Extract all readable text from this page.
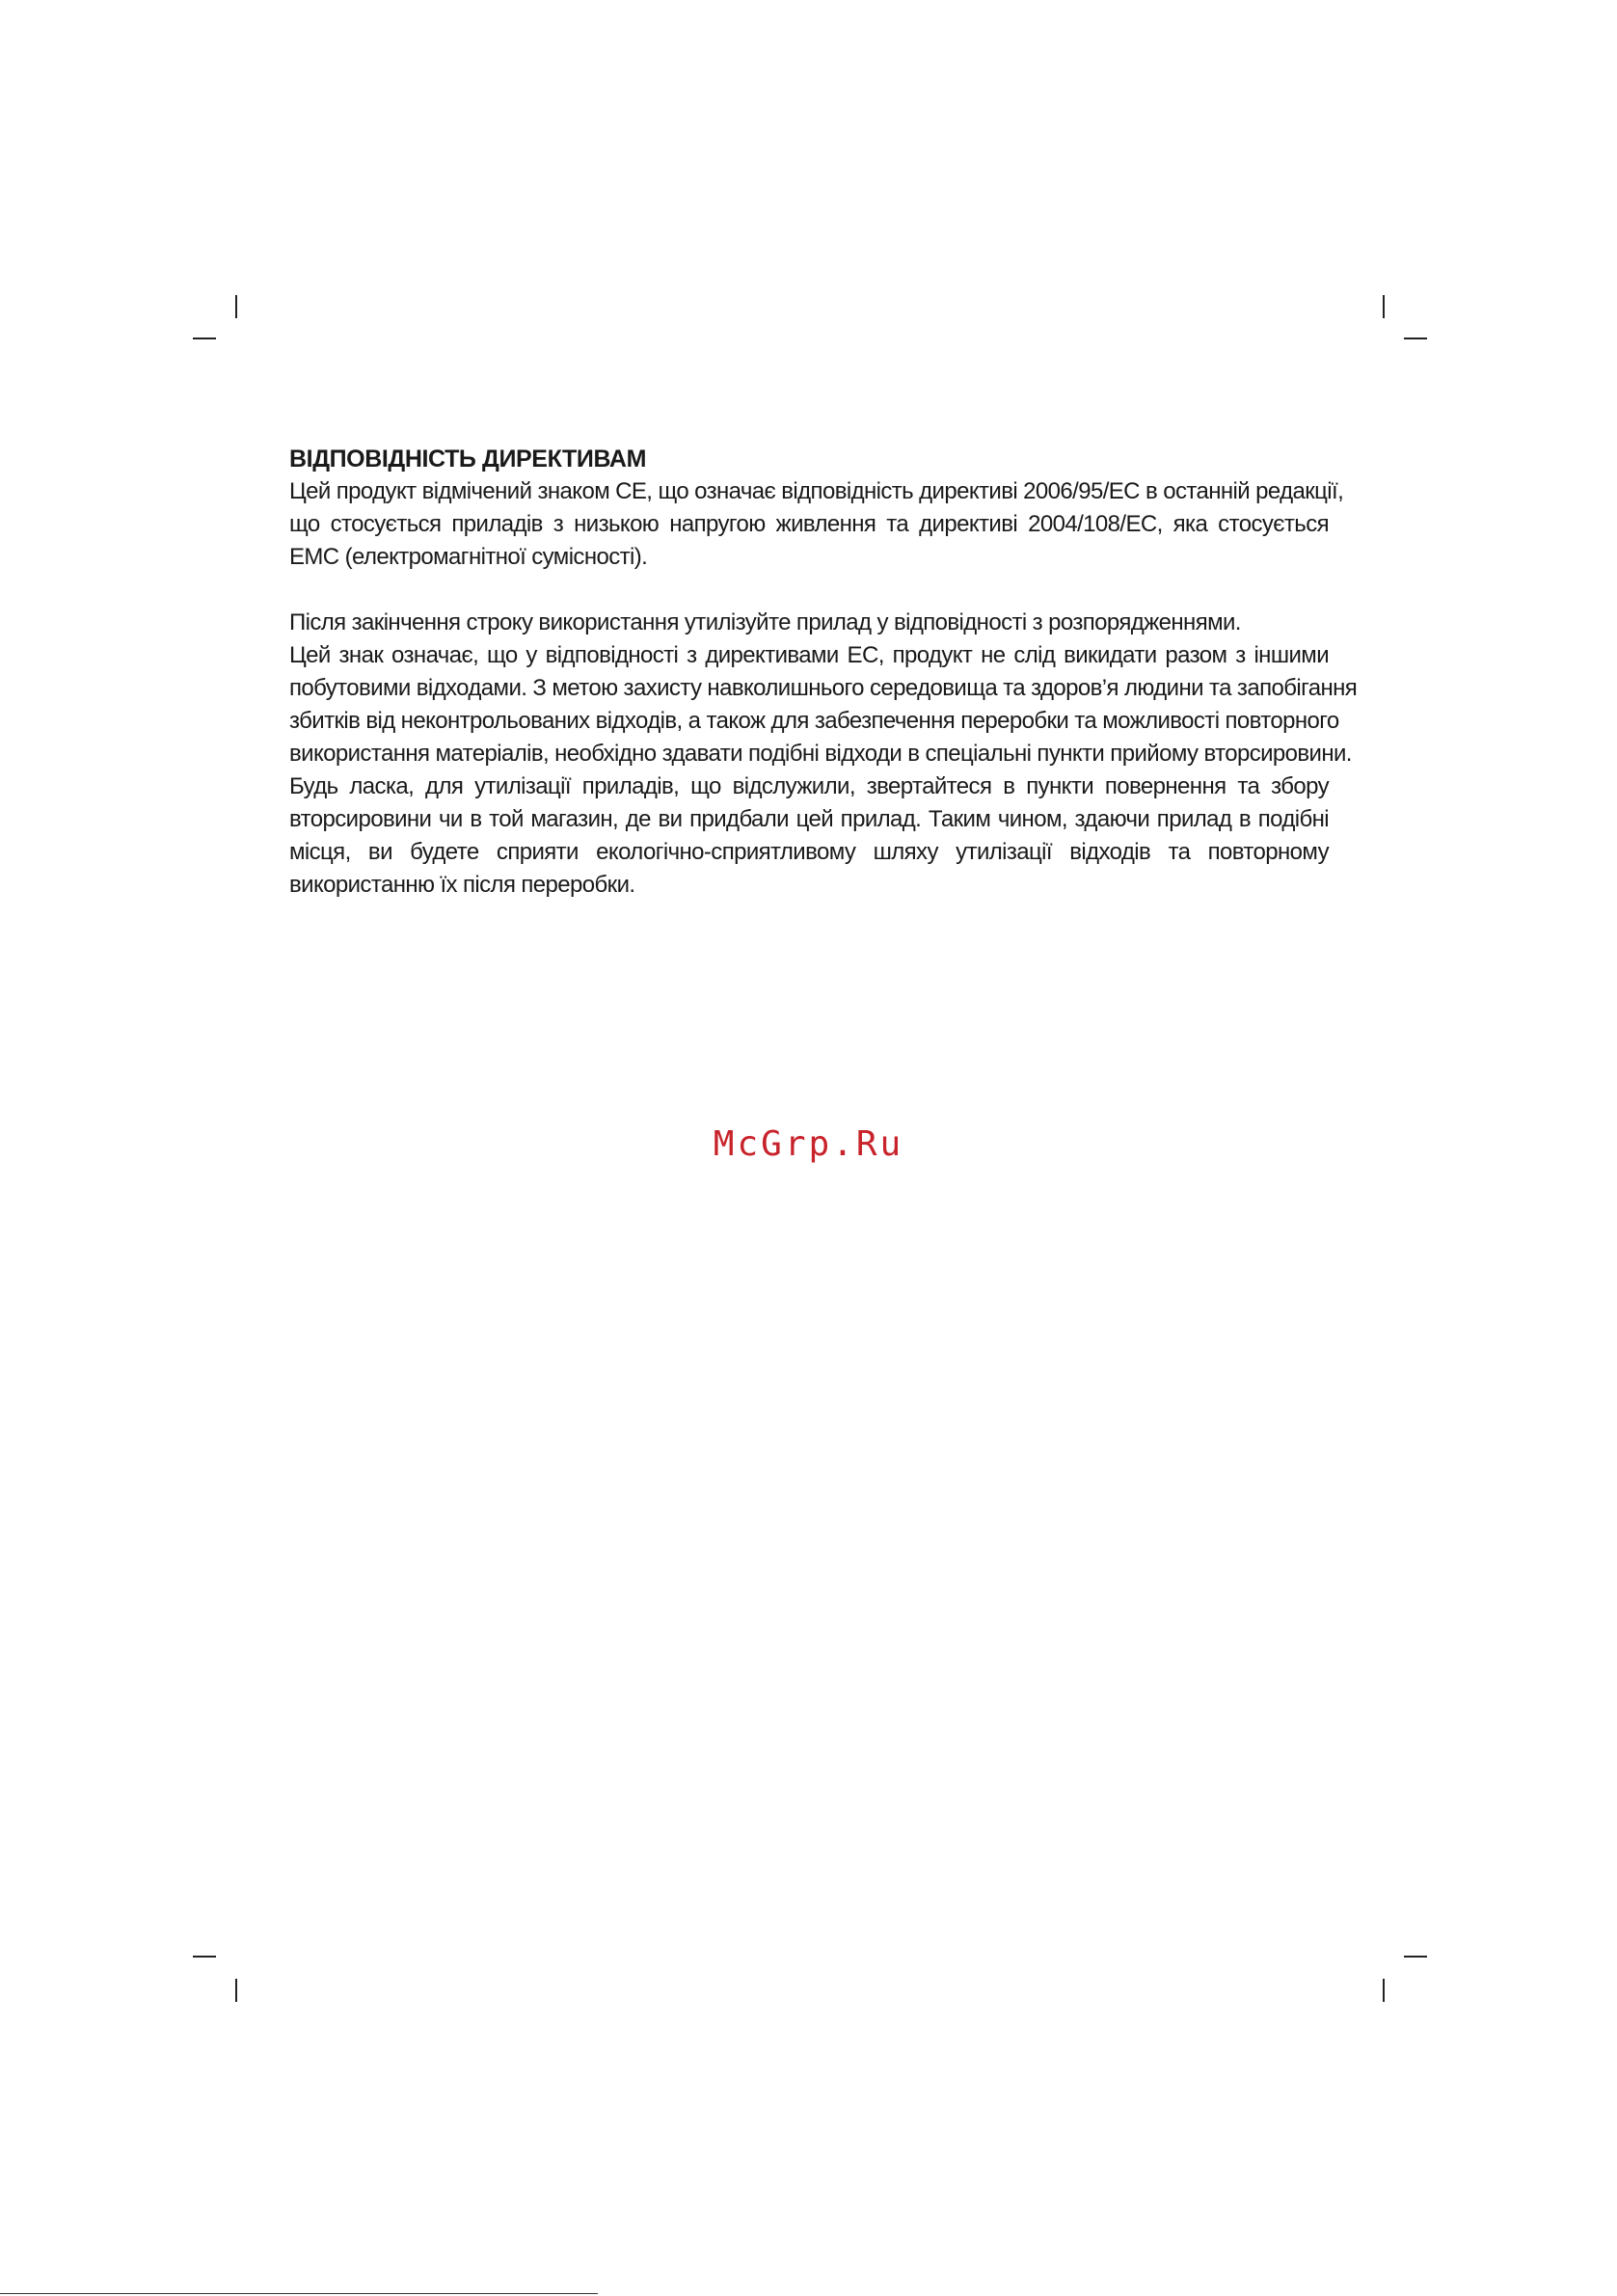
ВІДПОВІДНІСТЬ ДИРЕКТИВАМ

Цей продукт відмічений знаком СЕ, що означає відповідність директиві 2006/95/ЕС в останній редакції,
що стосується приладів з низькою напругою живлення та директиві 2004/108/ЕС, яка стосується
ЕМС (електромагнітної сумісності).

Після закінчення строку використання утилізуйте прилад у відповідності з розпорядженнями.
Цей знак означає, що у відповідності з директивами ЕС, продукт не слід викидати разом з іншими
побутовими відходами. З метою захисту навколишнього середовища та здоров’я людини та запобігання
збитків від неконтрольованих відходів, а також для забезпечення переробки та можливості повторного
використання матеріалів, необхідно здавати подібні відходи в спеціальні пункти прийому вторсировини.
Будь ласка, для утилізації приладів, що відслужили, звертайтеся в пункти повернення та збору
вторсировини чи в той магазин, де ви придбали цей прилад. Таким чином, здаючи прилад в подібні
місця, ви будете сприяти екологічно-сприятливому шляху утилізації відходів та повторному
використанню їх після переробки.

McGrp.Ru
